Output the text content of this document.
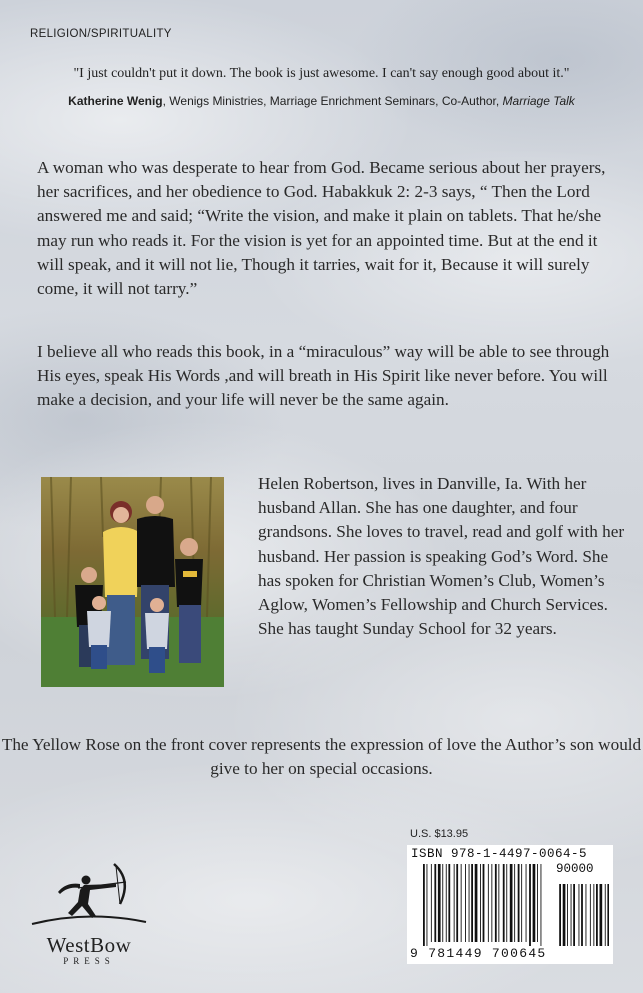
RELIGION/SPIRITUALITY
"I just couldn't put it down. The book is just awesome. I can't say enough good about it."
Katherine Wenig, Wenigs Ministries, Marriage Enrichment Seminars, Co-Author, Marriage Talk
A woman who was desperate to hear from God. Became serious about her prayers, her sacrifices, and her obedience to God. Habakkuk 2: 2-3 says, “ Then the Lord answered me and said; “Write the vision, and make it plain on tablets. That he/she may run who reads it. For the vision is yet for an appointed time. But at the end it will speak, and it will not lie, Though it tarries, wait for it, Because it will surely come, it will not tarry.”
I believe all who reads this book, in a “miraculous” way will be able to see through His eyes, speak His Words ,and will breath in His Spirit like never before. You will make a decision, and your life will never be the same again.
Helen Robertson, lives in Danville, Ia. With her husband Allan. She has one daughter, and four grandsons. She loves to travel, read and golf with her husband. Her passion is speaking God’s Word. She has spoken for Christian Women’s Club, Women’s Aglow, Women’s Fellowship and Church Services. She has taught Sunday School for 32 years.
The Yellow Rose on the front cover represents the expression of love the Author’s son would give to her on special occasions.
WestBow
PRESS
U.S. $13.95
ISBN 978-1-4497-0064-5
90000
9 781449 700645
